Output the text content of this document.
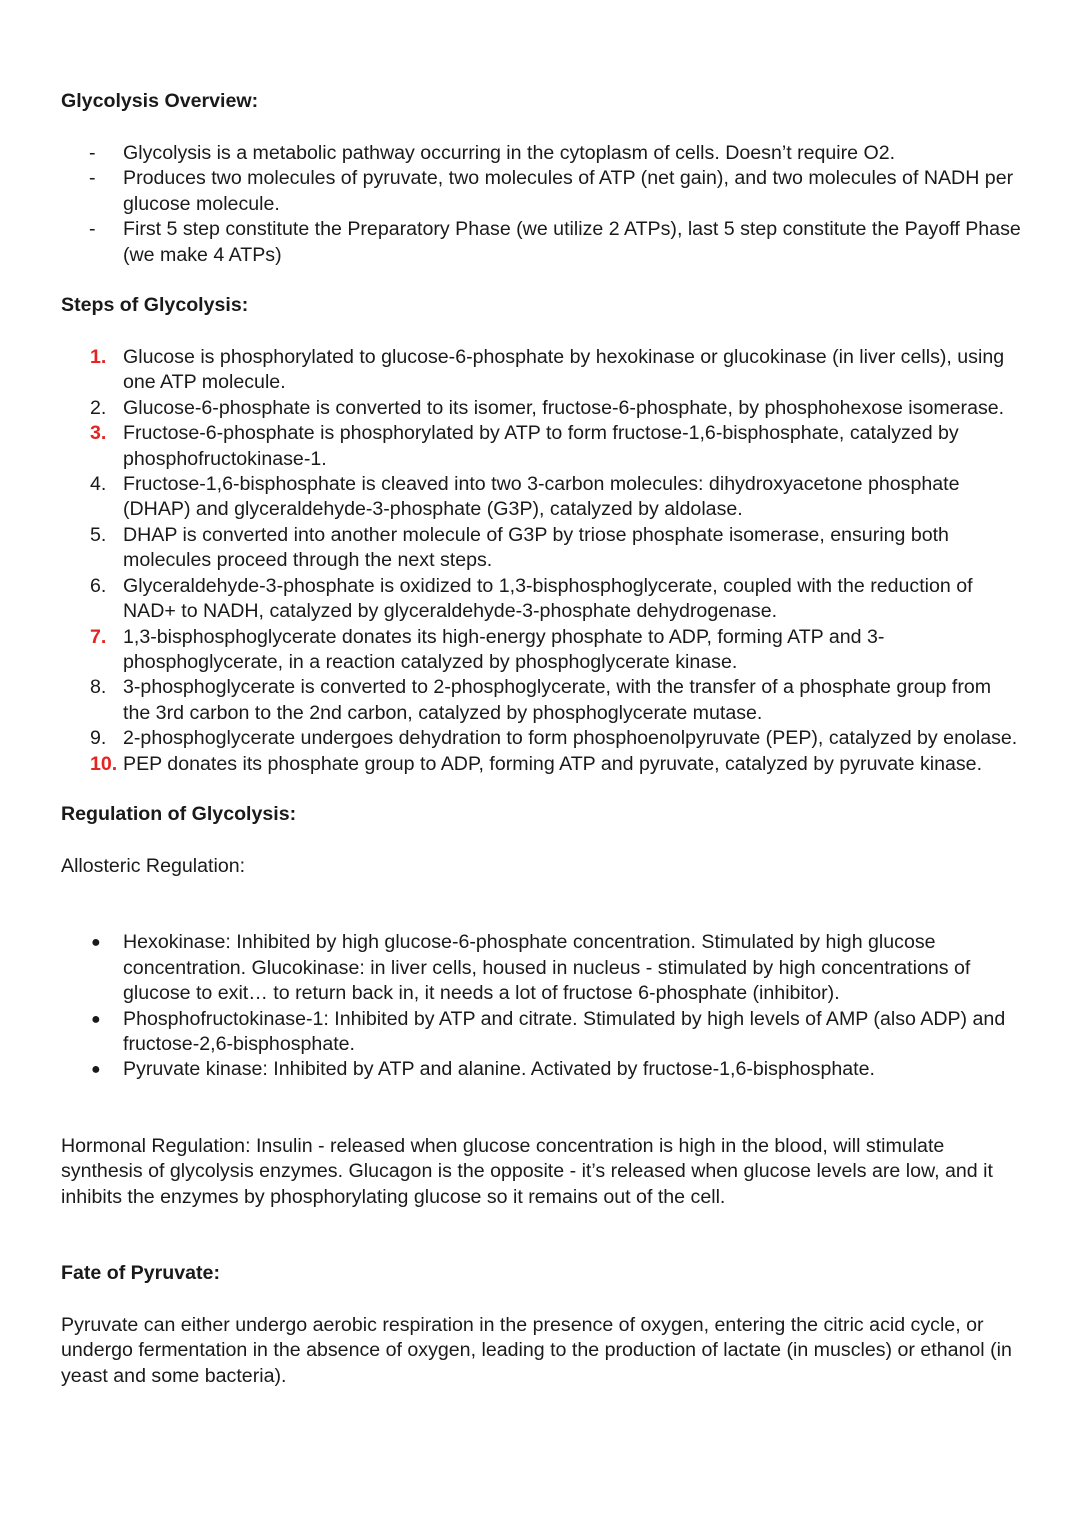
Glycolysis Overview:
-	Glycolysis is a metabolic pathway occurring in the cytoplasm of cells. Doesn’t require O2.
-	Produces two molecules of pyruvate, two molecules of ATP (net gain), and two molecules of NADH per glucose molecule.
-	First 5 step constitute the Preparatory Phase (we utilize 2 ATPs), last 5 step constitute the Payoff Phase (we make 4 ATPs)
Steps of Glycolysis:
1. Glucose is phosphorylated to glucose-6-phosphate by hexokinase or glucokinase (in liver cells), using one ATP molecule.
2. Glucose-6-phosphate is converted to its isomer, fructose-6-phosphate, by phosphohexose isomerase.
3. Fructose-6-phosphate is phosphorylated by ATP to form fructose-1,6-bisphosphate, catalyzed by phosphofructokinase-1.
4. Fructose-1,6-bisphosphate is cleaved into two 3-carbon molecules: dihydroxyacetone phosphate (DHAP) and glyceraldehyde-3-phosphate (G3P), catalyzed by aldolase.
5. DHAP is converted into another molecule of G3P by triose phosphate isomerase, ensuring both molecules proceed through the next steps.
6. Glyceraldehyde-3-phosphate is oxidized to 1,3-bisphosphoglycerate, coupled with the reduction of NAD+ to NADH, catalyzed by glyceraldehyde-3-phosphate dehydrogenase.
7. 1,3-bisphosphoglycerate donates its high-energy phosphate to ADP, forming ATP and 3-phosphoglycerate, in a reaction catalyzed by phosphoglycerate kinase.
8. 3-phosphoglycerate is converted to 2-phosphoglycerate, with the transfer of a phosphate group from the 3rd carbon to the 2nd carbon, catalyzed by phosphoglycerate mutase.
9. 2-phosphoglycerate undergoes dehydration to form phosphoenolpyruvate (PEP), catalyzed by enolase.
10. PEP donates its phosphate group to ADP, forming ATP and pyruvate, catalyzed by pyruvate kinase.
Regulation of Glycolysis:

Allosteric Regulation:

●	Hexokinase: Inhibited by high glucose-6-phosphate concentration. Stimulated by high glucose concentration. Glucokinase: in liver cells, housed in nucleus - stimulated by high concentrations of glucose to exit… to return back in, it needs a lot of fructose 6-phosphate (inhibitor).
●	Phosphofructokinase-1: Inhibited by ATP and citrate. Stimulated by high levels of AMP (also ADP) and fructose-2,6-bisphosphate.
●	Pyruvate kinase: Inhibited by ATP and alanine. Activated by fructose-1,6-bisphosphate.

Hormonal Regulation: Insulin - released when glucose concentration is high in the blood, will stimulate synthesis of glycolysis enzymes. Glucagon is the opposite - it’s released when glucose levels are low, and it inhibits the enzymes by phosphorylating glucose so it remains out of the cell.

Fate of Pyruvate:

Pyruvate can either undergo aerobic respiration in the presence of oxygen, entering the citric acid cycle, or undergo fermentation in the absence of oxygen, leading to the production of lactate (in muscles) or ethanol (in yeast and some bacteria).
